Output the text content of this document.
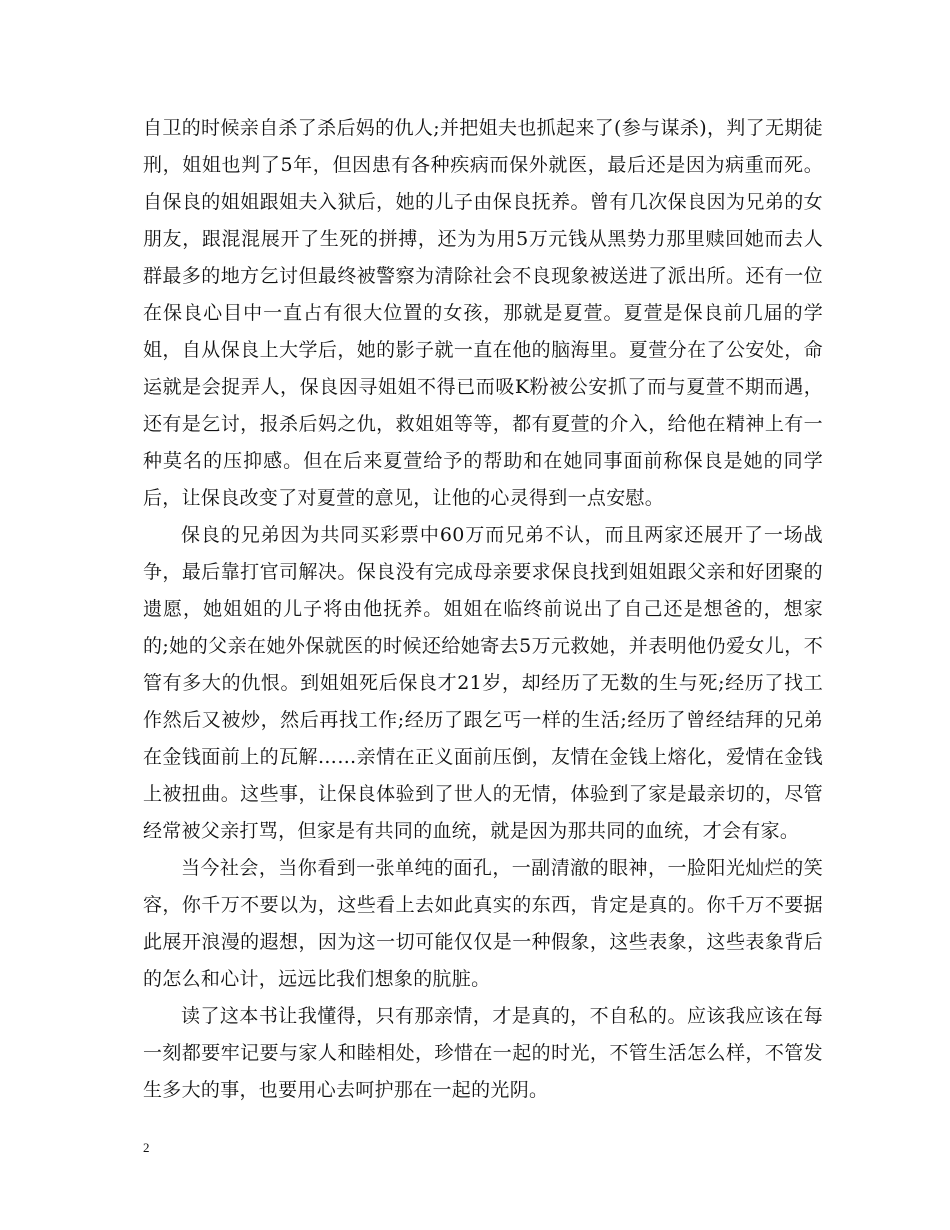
自卫的时候亲自杀了杀后妈的仇人;并把姐夫也抓起来了(参与谋杀)，判了无期徒刑，姐姐也判了5年，但因患有各种疾病而保外就医，最后还是因为病重而死。自保良的姐姐跟姐夫入狱后，她的儿子由保良抚养。曾有几次保良因为兄弟的女朋友，跟混混展开了生死的拼搏，还为为用5万元钱从黑势力那里赎回她而去人群最多的地方乞讨但最终被警察为清除社会不良现象被送进了派出所。还有一位在保良心目中一直占有很大位置的女孩，那就是夏萱。夏萱是保良前几届的学姐，自从保良上大学后，她的影子就一直在他的脑海里。夏萱分在了公安处，命运就是会捉弄人，保良因寻姐姐不得已而吸K粉被公安抓了而与夏萱不期而遇，还有是乞讨，报杀后妈之仇，救姐姐等等，都有夏萱的介入，给他在精神上有一种莫名的压抑感。但在后来夏萱给予的帮助和在她同事面前称保良是她的同学后，让保良改变了对夏萱的意见，让他的心灵得到一点安慰。

保良的兄弟因为共同买彩票中60万而兄弟不认，而且两家还展开了一场战争，最后靠打官司解决。保良没有完成母亲要求保良找到姐姐跟父亲和好团聚的遗愿，她姐姐的儿子将由他抚养。姐姐在临终前说出了自己还是想爸的，想家的;她的父亲在她外保就医的时候还给她寄去5万元救她，并表明他仍爱女儿，不管有多大的仇恨。到姐姐死后保良才21岁，却经历了无数的生与死;经历了找工作然后又被炒，然后再找工作;经历了跟乞丐一样的生活;经历了曾经结拜的兄弟在金钱面前上的瓦解……亲情在正义面前压倒，友情在金钱上熔化，爱情在金钱上被扭曲。这些事，让保良体验到了世人的无情，体验到了家是最亲切的，尽管经常被父亲打骂，但家是有共同的血统，就是因为那共同的血统，才会有家。

当今社会，当你看到一张单纯的面孔，一副清澈的眼神，一脸阳光灿烂的笑容，你千万不要以为，这些看上去如此真实的东西，肯定是真的。你千万不要据此展开浪漫的遐想，因为这一切可能仅仅是一种假象，这些表象，这些表象背后的怎么和心计，远远比我们想象的肮脏。

读了这本书让我懂得，只有那亲情，才是真的，不自私的。应该我应该在每一刻都要牢记要与家人和睦相处，珍惜在一起的时光，不管生活怎么样，不管发生多大的事，也要用心去呵护那在一起的光阴。

2
